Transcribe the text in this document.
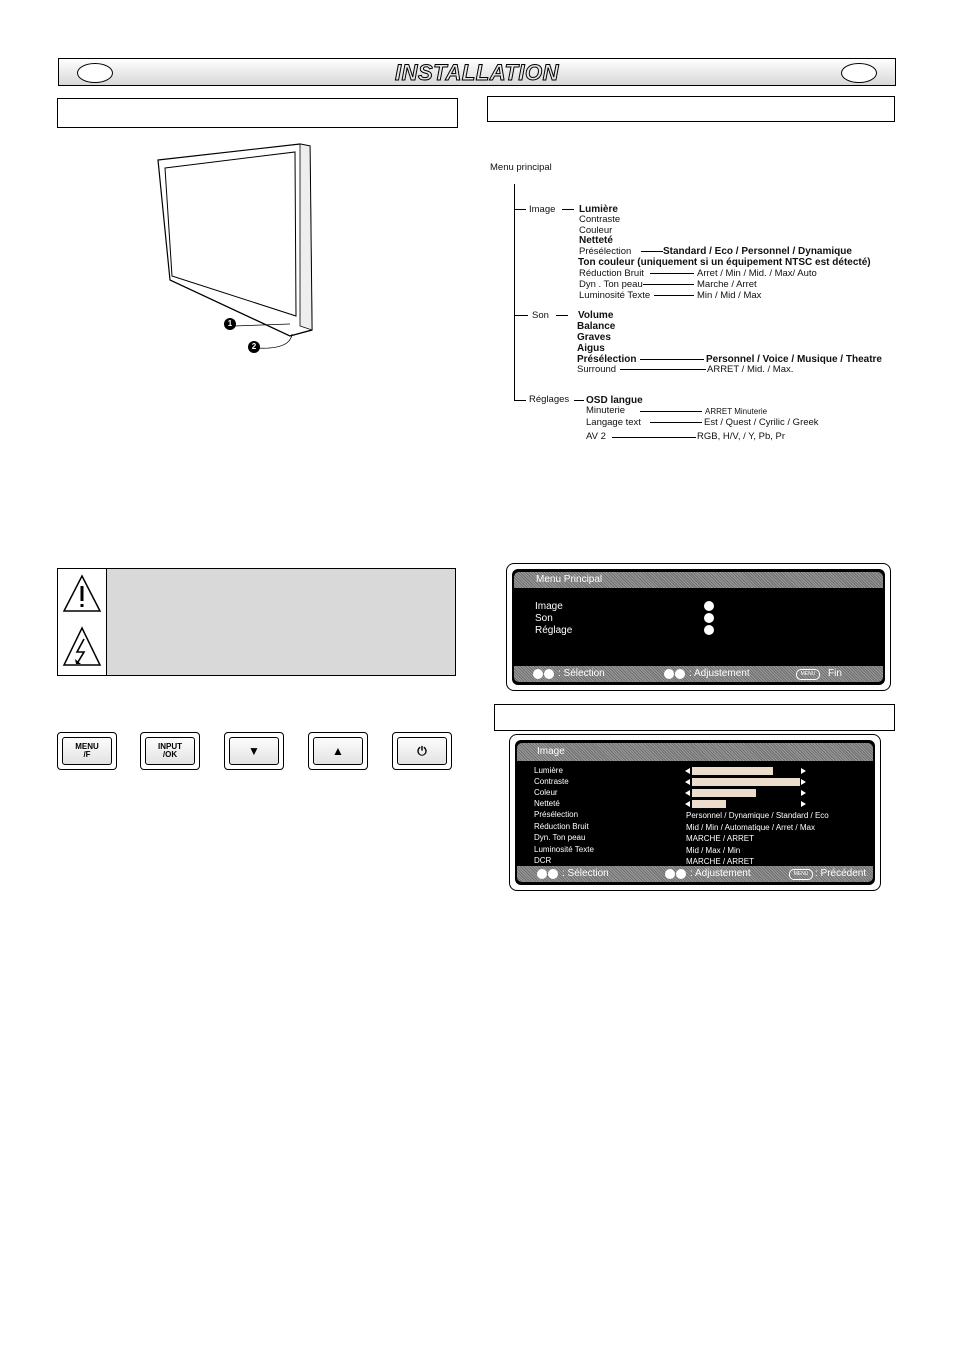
INSTALLATION
1
2
Menu principal
Image Lumière
Contraste
Couleur
Netteté
Présélection	Standard / Eco / Personnel / Dynamique
Ton couleur (uniquement si un équipement NTSC est détecté)
Réduction Bruit	Arret / Min / Mid. / Max/ Auto
Dyn . Ton peau	Marche / Arret
Luminosité Texte	Min / Mid / Max
Son	Volume
Balance
Graves
Aigus
Présélection	Personnel / Voice / Musique / Theatre
Surround	ARRET / Mid. / Max.
Réglages OSD langue
Minuterie	ARRET Minuterie
Langage text	Est / Quest / Cyrilic / Greek
AV 2	RGB, H/V, / Y, Pb, Pr
MENU
/F
INPUT
/OK	▼	▲	⏻
Menu Principal
Image
Son
Réglage
: Sélection	: Adjustement	MENU	Fin
Image
Lumière
Contraste
Coleur
Netteté
Présélection	Personnel / Dynamique / Standard / Eco
Réduction Bruit	Mid / Min / Automatique / Arret / Max
Dyn. Ton peau	MARCHE / ARRET
Luminosité Texte	Mid / Max / Min
DCR	MARCHE / ARRET
: Sélection	: Adjustement	MENU : Précédent
